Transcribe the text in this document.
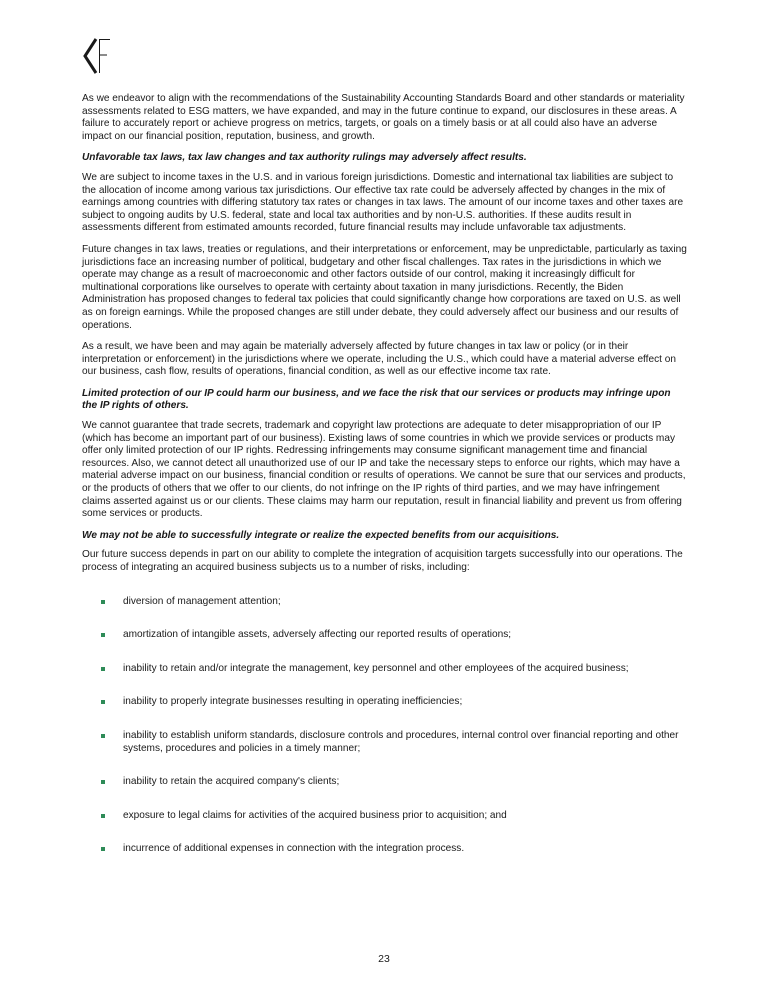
As we endeavor to align with the recommendations of the Sustainability Accounting Standards Board and other standards or materiality assessments related to ESG matters, we have expanded, and may in the future continue to expand, our disclosures in these areas. A failure to accurately report or achieve progress on metrics, targets, or goals on a timely basis or at all could also have an adverse impact on our financial position, reputation, business, and growth.

Unfavorable tax laws, tax law changes and tax authority rulings may adversely affect results.

We are subject to income taxes in the U.S. and in various foreign jurisdictions. Domestic and international tax liabilities are subject to the allocation of income among various tax jurisdictions. Our effective tax rate could be adversely affected by changes in the mix of earnings among countries with differing statutory tax rates or changes in tax laws. The amount of our income taxes and other taxes are subject to ongoing audits by U.S. federal, state and local tax authorities and by non-U.S. authorities. If these audits result in assessments different from estimated amounts recorded, future financial results may include unfavorable tax adjustments.

Future changes in tax laws, treaties or regulations, and their interpretations or enforcement, may be unpredictable, particularly as taxing jurisdictions face an increasing number of political, budgetary and other fiscal challenges. Tax rates in the jurisdictions in which we operate may change as a result of macroeconomic and other factors outside of our control, making it increasingly difficult for multinational corporations like ourselves to operate with certainty about taxation in many jurisdictions. Recently, the Biden Administration has proposed changes to federal tax policies that could significantly change how corporations are taxed on U.S. as well as on foreign earnings. While the proposed changes are still under debate, they could adversely affect our business and our results of operations.

As a result, we have been and may again be materially adversely affected by future changes in tax law or policy (or in their interpretation or enforcement) in the jurisdictions where we operate, including the U.S., which could have a material adverse effect on our business, cash flow, results of operations, financial condition, as well as our effective income tax rate.

Limited protection of our IP could harm our business, and we face the risk that our services or products may infringe upon the IP rights of others.

We cannot guarantee that trade secrets, trademark and copyright law protections are adequate to deter misappropriation of our IP (which has become an important part of our business). Existing laws of some countries in which we provide services or products may offer only limited protection of our IP rights. Redressing infringements may consume significant management time and financial resources. Also, we cannot detect all unauthorized use of our IP and take the necessary steps to enforce our rights, which may have a material adverse impact on our business, financial condition or results of operations. We cannot be sure that our services and products, or the products of others that we offer to our clients, do not infringe on the IP rights of third parties, and we may have infringement claims asserted against us or our clients. These claims may harm our reputation, result in financial liability and prevent us from offering some services or products.

We may not be able to successfully integrate or realize the expected benefits from our acquisitions.

Our future success depends in part on our ability to complete the integration of acquisition targets successfully into our operations. The process of integrating an acquired business subjects us to a number of risks, including:

diversion of management attention;
amortization of intangible assets, adversely affecting our reported results of operations;
inability to retain and/or integrate the management, key personnel and other employees of the acquired business;
inability to properly integrate businesses resulting in operating inefficiencies;
inability to establish uniform standards, disclosure controls and procedures, internal control over financial reporting and other systems, procedures and policies in a timely manner;
inability to retain the acquired company's clients;
exposure to legal claims for activities of the acquired business prior to acquisition; and
incurrence of additional expenses in connection with the integration process.
23
